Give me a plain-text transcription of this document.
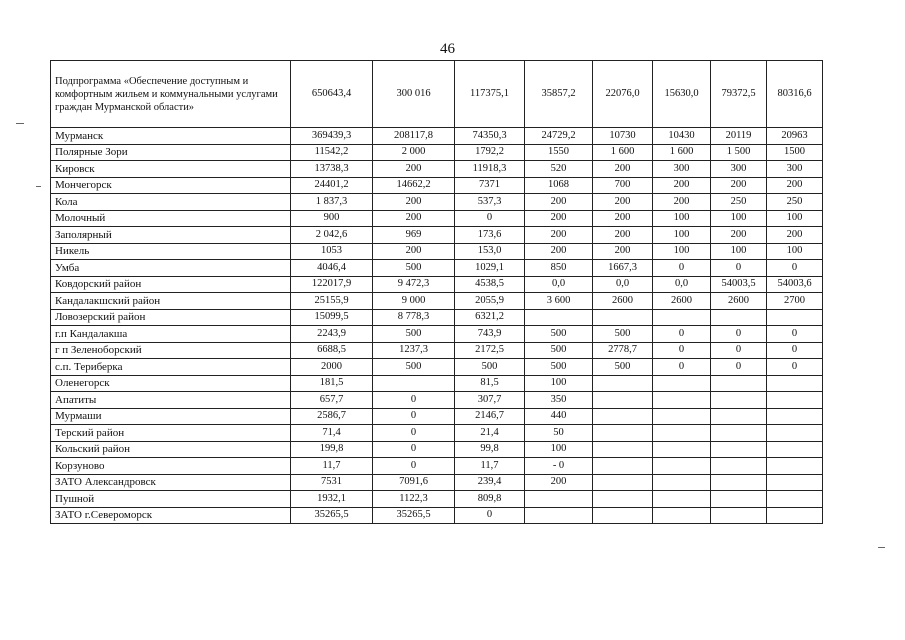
46
Подпрограмма «Обеспечение доступным и комфортным жильем и коммунальными услугами граждан Мурманской области»	650643,4	300 016	117375,1	35857,2	22076,0	15630,0	79372,5	80316,6
Мурманск	369439,3	208117,8	74350,3	24729,2	10730	10430	20119	20963
Полярные Зори	11542,2	2 000	1792,2	1550	1 600	1 600	1 500	1500
Кировск	13738,3	200	11918,3	520	200	300	300	300
Мончегорск	24401,2	14662,2	7371	1068	700	200	200	200
Кола	1 837,3	200	537,3	200	200	200	250	250
Молочный	900	200	0	200	200	100	100	100
Заполярный	2 042,6	969	173,6	200	200	100	200	200
Никель	1053	200	153,0	200	200	100	100	100
Умба	4046,4	500	1029,1	850	1667,3	0	0	0
Ковдорский район	122017,9	9 472,3	4538,5	0,0	0,0	0,0	54003,5	54003,6
Кандалакшский район	25155,9	9 000	2055,9	3 600	2600	2600	2600	2700
Ловозерский район	15099,5	8 778,3	6321,2					
г.п Кандалакша	2243,9	500	743,9	500	500	0	0	0
г п Зеленоборский	6688,5	1237,3	2172,5	500	2778,7	0	0	0
с.п. Териберка	2000	500	500	500	500	0	0	0
Оленегорск	181,5		81,5	100				
Апатиты	657,7	0	307,7	350				
Мурмаши	2586,7	0	2146,7	440				
Терский район	71,4	0	21,4	50				
Кольский район	199,8	0	99,8	100				
Корзуново	11,7	0	11,7	- 0				
ЗАТО Александровск	7531	7091,6	239,4	200				
Пушной	1932,1	1122,3	809,8					
ЗАТО г.Североморск	35265,5	35265,5	0					
